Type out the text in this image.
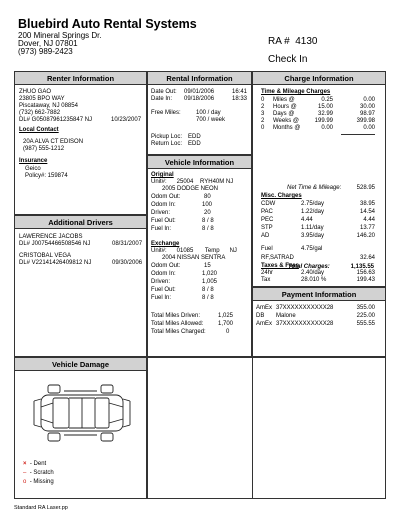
Bluebird Auto Rental Systems
200 Mineral Springs Dr.
Dover, NJ 07801
(973) 989-2423
RA # 4130
Check In
Renter Information
ZHUO GAO
23805 BPO WAY
Piscataway, NJ 08854
(732) 662-7882
DL# G05087961235847 NJ	10/23/2007
Local Contact
20A ALVA CT EDISON
(987) 555-1212
Insurance
Geico
Policy#: 159874
Additional Drivers
LAWERENCE JACOBS
DL# J00754466508546 NJ	08/31/2007
CRISTOBAL VEGA
DL# V22141426409812 NJ	09/30/2006
Vehicle Damage
× - Dent
– - Scratch
o - Missing
Rental Information
Date Out: 09/01/2006	16:41
Date In: 09/18/2006	18:33
Free Miles:	100 / day
700 / week
Pickup Loc: EDD
Return Loc: EDD
Vehicle Information
Original
Unit#:      25004    RYH40M NJ
2005 DODGE NEON
Odom Out:	80
Odom In:	100
Driven:	20
Fuel Out:	8 / 8
Fuel In:	8 / 8
Exchange
Unit#:      01085       Temp      NJ
2004 NISSAN SENTRA
Odom Out:	15
Odom In:	1,020
Driven:	1,005
Fuel Out:	8 / 8
Fuel In:	8 / 8
Total Miles Driven:	1,025
Total Miles Allowed: 1,700
Total Miles Charged:	0
Charge Information
Time & Mileage Charges
0 Miles @	0.25	0.00
2 Hours @	15.00	30.00
3 Days @	32.99	98.97
2 Weeks @	199.99	399.98
0 Months @	0.00	0.00
Net Time & Mileage:	528.95
Misc. Charges
CDW	2.75/day	38.95
PAC	1.22/day	14.54
PEC	4.44	4.44
STP	1.11/day	13.77
AD	3.95/day	146.20
Fuel	4.75/gal
RF,SATRAD	32.64
Taxes & Fees
24hr	2.40/day	156.63
Tax	28.010 %	199.43
Total Charges:	1,135.55
Payment Information
AmEx 37XXXXXXXXXXX28	355.00
DB Malone	225.00
AmEx 37XXXXXXXXXXX28	555.55
Standard RA Laser.pp
